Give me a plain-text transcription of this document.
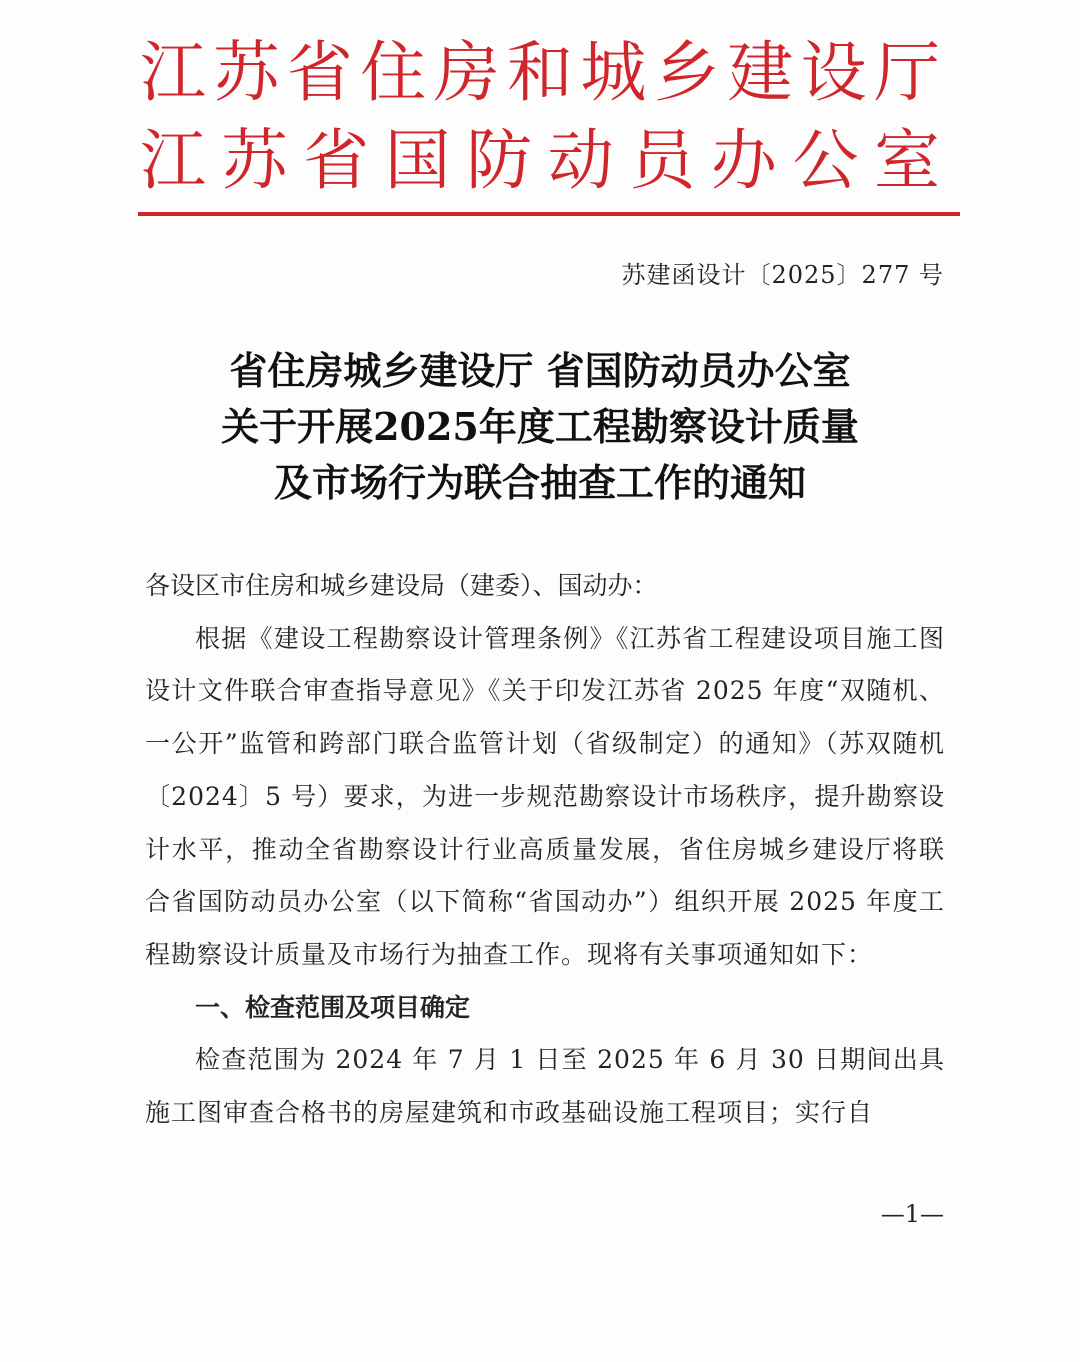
江苏省住房和城乡建设厅
江苏省国防动员办公室
苏建函设计〔2025〕277 号
省住房城乡建设厅 省国防动员办公室
关于开展2025年度工程勘察设计质量
及市场行为联合抽查工作的通知
各设区市住房和城乡建设局（建委）、国动办：
根据《建设工程勘察设计管理条例》《江苏省工程建设项目施工图设计文件联合审查指导意见》《关于印发江苏省 2025 年度“双随机、一公开”监管和跨部门联合监管计划（省级制定）的通知》（苏双随机〔2024〕5 号）要求，为进一步规范勘察设计市场秩序，提升勘察设计水平，推动全省勘察设计行业高质量发展，省住房城乡建设厅将联合省国防动员办公室（以下简称“省国动办”）组织开展 2025 年度工程勘察设计质量及市场行为抽查工作。现将有关事项通知如下：
一、检查范围及项目确定
检查范围为 2024 年 7 月 1 日至 2025 年 6 月 30 日期间出具施工图审查合格书的房屋建筑和市政基础设施工程项目；实行自
—1—
